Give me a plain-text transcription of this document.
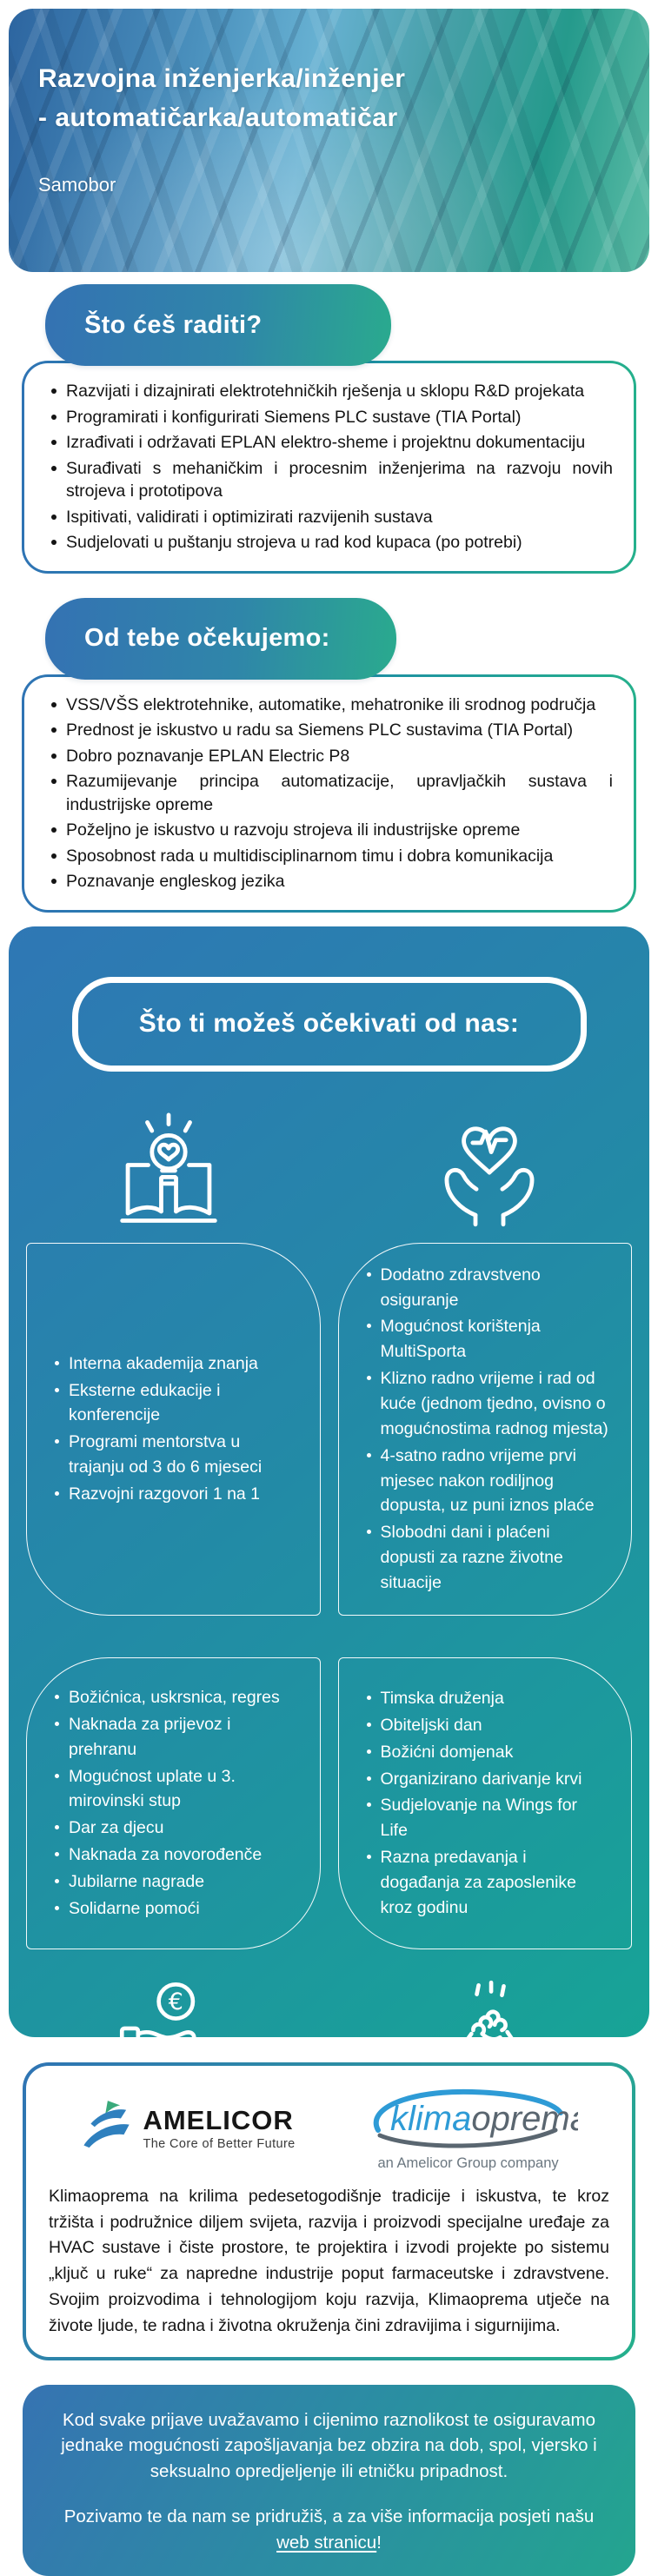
Razvojna inženjerka/inženjer
- automatičarka/automatičar
Samobor
Što ćeš raditi?
Razvijati i dizajnirati elektrotehničkih rješenja u sklopu R&D projekata
Programirati i konfigurirati Siemens PLC sustave (TIA Portal)
Izrađivati i održavati EPLAN elektro-sheme i projektnu dokumentaciju
Surađivati s mehaničkim i procesnim inženjerima na razvoju novih strojeva i prototipova
Ispitivati, validirati i optimizirati razvijenih sustava
Sudjelovati u puštanju strojeva u rad kod kupaca (po potrebi)
Od tebe očekujemo:
VSS/VŠS elektrotehnike, automatike, mehatronike ili srodnog područja
Prednost je iskustvo u radu sa Siemens PLC sustavima (TIA Portal)
Dobro poznavanje EPLAN Electric P8
Razumijevanje principa automatizacije, upravljačkih sustava i industrijske opreme
Poželjno je iskustvo u razvoju strojeva ili industrijske opreme
Sposobnost rada u multidisciplinarnom timu i dobra komunikacija
Poznavanje engleskog jezika
Što ti možeš očekivati od nas:
Interna akademija znanja
Eksterne edukacije i konferencije
Programi mentorstva u trajanju od 3 do 6 mjeseci
Razvojni razgovori 1 na 1
Dodatno zdravstveno osiguranje
Mogućnost korištenja MultiSporta
Klizno radno vrijeme i rad od kuće (jednom tjedno, ovisno o mogućnostima radnog mjesta)
4-satno radno vrijeme prvi mjesec nakon rodiljnog dopusta, uz puni iznos plaće
Slobodni dani i plaćeni dopusti za razne životne situacije
Božićnica, uskrsnica, regres
Naknada za prijevoz i prehranu
Mogućnost uplate u 3. mirovinski stup
Dar za djecu
Naknada za novorođenče
Jubilarne nagrade
Solidarne pomoći
Timska druženja
Obiteljski dan
Božićni domjenak
Organizirano darivanje krvi
Sudjelovanje na Wings for Life
Razna predavanja i događanja za zaposlenike kroz godinu
€
AMELICOR
The Core of Better Future
klimaoprema
an Amelicor Group company

Klimaoprema na krilima pedesetogodišnje tradicije i iskustva, te kroz tržišta i podružnice diljem svijeta, razvija i proizvodi specijalne uređaje za HVAC sustave i čiste prostore, te projektira i izvodi projekte po sistemu „ključ u ruke“ za napredne industrije poput farmaceutske i zdravstvene. Svojim proizvodima i tehnologijom koju razvija, Klimaoprema utječe na živote ljude, te radna i životna okruženja čini zdravijima i sigurnijima.

Kod svake prijave uvažavamo i cijenimo raznolikost te osiguravamo jednake mogućnosti zapošljavanja bez obzira na dob, spol, vjersko i seksualno opredjeljenje ili etničku pripadnost.

Pozivamo te da nam se pridružiš, a za više informacija posjeti našu web stranicu!
